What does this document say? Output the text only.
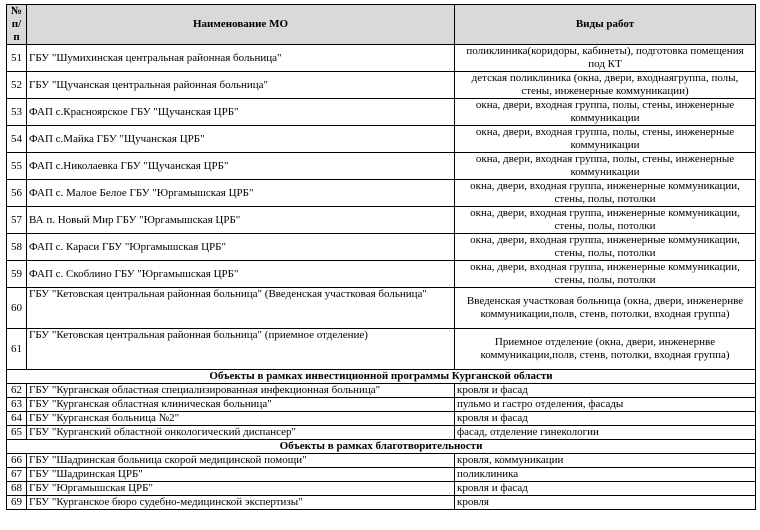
№ п/п	Наименование МО	Виды работ
51	ГБУ "Шумихинская центральная районная больница"	поликлиника(коридоры, кабинеты), подготовка помещения под КТ
52	ГБУ "Щучанская центральная районная больница"	детская поликлиника (окна, двери, входнаягруппа, полы, стены, инженерные коммуникации)
53	ФАП с.Красноярское ГБУ "Щучанская ЦРБ"	окна, двери, входная группа, полы, стены, инженерные коммуникации
54	ФАП с.Майка ГБУ "Щучанская ЦРБ"	окна, двери, входная группа, полы, стены, инженерные коммуникации
55	ФАП с.Николаевка ГБУ "Щучанская ЦРБ"	окна, двери, входная группа, полы, стены, инженерные коммуникации
56	ФАП с. Малое Белое ГБУ "Юргамышская ЦРБ"	окна, двери, входная группа, инженерные коммуникации, стены, полы, потолки
57	ВА п. Новый Мир ГБУ "Юргамышская ЦРБ"	окна, двери, входная группа, инженерные коммуникации, стены, полы, потолки
58	ФАП с. Караси ГБУ "Юргамышская ЦРБ"	окна, двери, входная группа, инженерные коммуникации, стены, полы, потолки
59	ФАП с. Скоблино ГБУ "Юргамышская ЦРБ"	окна, двери, входная группа, инженерные коммуникации, стены, полы, потолки
60	ГБУ "Кетовская центральная районная больница" (Введенская участковая больница"	Введенская участковая больница (окна, двери, инженернве коммуникации,полв, стенв, потолки, входная группа)
61	ГБУ "Кетовская центральная районная больница" (приемное отделение)	Приемное отделение (окна, двери, инженернве коммуникации,полв, стенв, потолки, входная группа)
Объекты в рамках инвестиционной программы Курганской области		
62	ГБУ "Курганская областная специализированная инфекционная больница"	кровля и фасад
63	ГБУ "Курганская областная клиническая больница"	пульмо и гастро отделения, фасады
64	ГБУ "Курганская больница №2"	кровля и фасад
65	ГБУ "Курганский областной онкологический диспансер"	фасад, отделение гинекологии
Объекты в рамках благотворительности		
66	ГБУ "Шадринская больница скорой медицинской помощи"	кровля, коммуникации
67	ГБУ "Шадринская ЦРБ"	поликлиника
68	ГБУ "Юргамышская ЦРБ"	кровля и фасад
69	ГБУ "Курганское бюро судебно-медицинской экспертизы"	кровля
